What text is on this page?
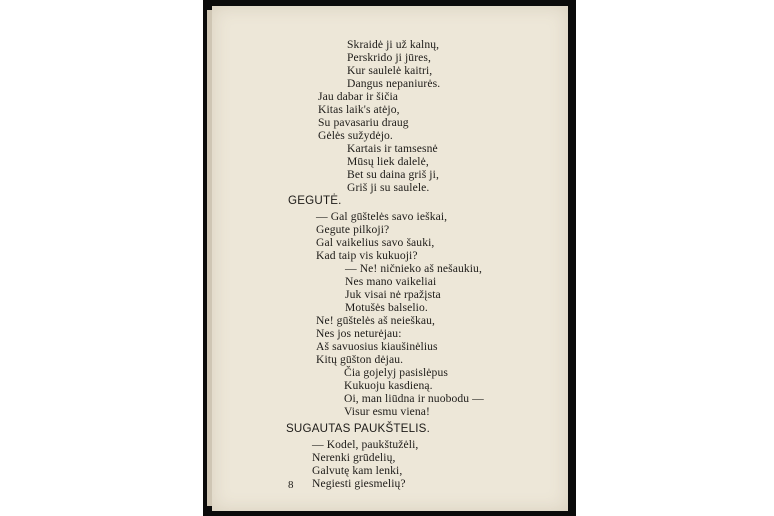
Skraidė ji už kalnų,
Perskrido ji jūres,
Kur saulelė kaitri,
Dangus nepaniurės.
Jau dabar ir šičia
Kitas laik's atėjo,
Su pavasariu draug
Gėlės sužydėjo.
Kartais ir tamsesnė
Mūsų liek dalelė,
Bet su daina griš ji,
Griš ji su saulele.
GEGUTĖ.
— Gal gūštelės savo ieškai,
Gegute pilkoji?
Gal vaikelius savo šauki,
Kad taip vis kukuoji?
— Ne! ničnieko aš nešaukiu,
Nes mano vaikeliai
Juk visai nė rpažįsta
Motušės balselio.
Ne! gūštelės aš neieškau,
Nes jos neturėjau:
Aš savuosius kiaušinėlius
Kitų gūšton dėjau.
Čia gojelyj pasislėpus
Kukuoju kasdieną.
Oi, man liūdna ir nuobodu —
Visur esmu viena!
SUGAUTAS PAUKŠTELIS.
— Kodel, paukštužėli,
Nerenki grūdelių,
Galvutę kam lenki,
Negiesti giesmelių?
8
